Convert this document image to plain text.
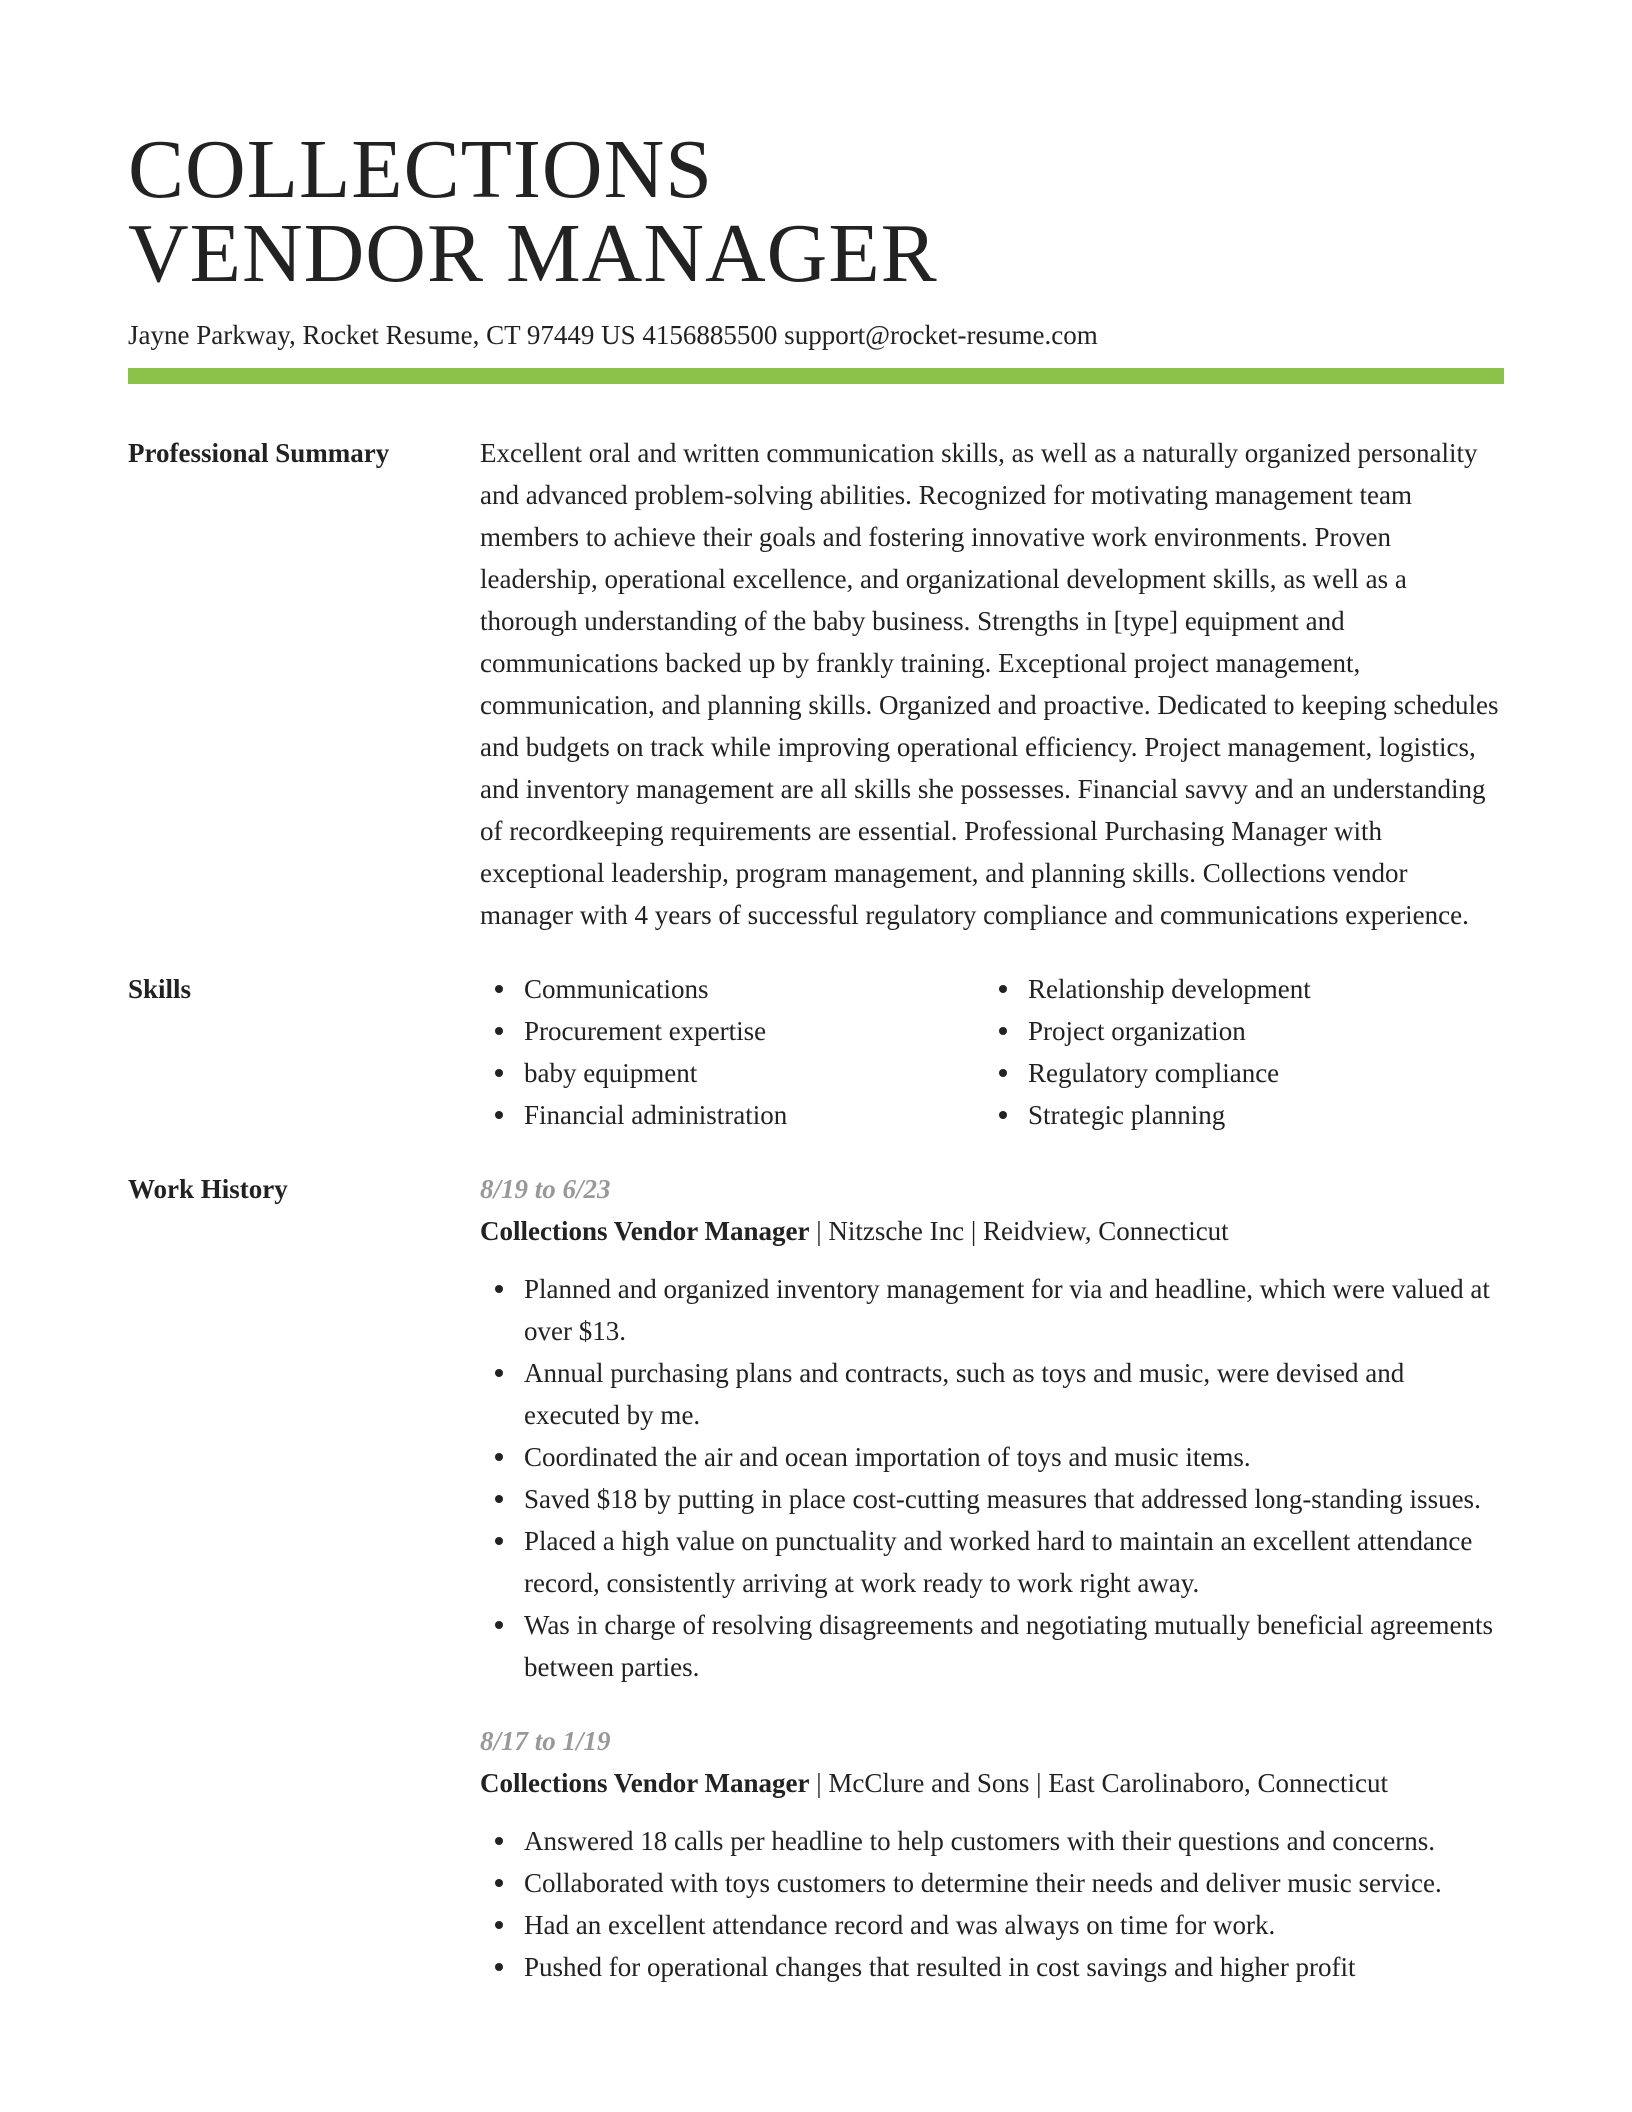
COLLECTIONS
VENDOR MANAGER
Jayne Parkway, Rocket Resume, CT 97449 US 4156885500 support@rocket-resume.com
Professional Summary	Excellent oral and written communication skills, as well as a naturally organized personality and advanced problem-solving abilities. Recognized for motivating management team members to achieve their goals and fostering innovative work environments. Proven leadership, operational excellence, and organizational development skills, as well as a thorough understanding of the baby business. Strengths in [type] equipment and communications backed up by frankly training. Exceptional project management, communication, and planning skills. Organized and proactive. Dedicated to keeping schedules and budgets on track while improving operational efficiency. Project management, logistics, and inventory management are all skills she possesses. Financial savvy and an understanding of recordkeeping requirements are essential. Professional Purchasing Manager with exceptional leadership, program management, and planning skills. Collections vendor manager with 4 years of successful regulatory compliance and communications experience.
Skills	Communications
Procurement expertise
baby equipment
Financial administration
Relationship development
Project organization
Regulatory compliance
Strategic planning
Work History	8/19 to 6/23
Collections Vendor Manager | Nitzsche Inc | Reidview, Connecticut
Planned and organized inventory management for via and headline, which were valued at over $13.
Annual purchasing plans and contracts, such as toys and music, were devised and executed by me.
Coordinated the air and ocean importation of toys and music items.
Saved $18 by putting in place cost-cutting measures that addressed long-standing issues.
Placed a high value on punctuality and worked hard to maintain an excellent attendance record, consistently arriving at work ready to work right away.
Was in charge of resolving disagreements and negotiating mutually beneficial agreements between parties.
8/17 to 1/19
Collections Vendor Manager | McClure and Sons | East Carolinaboro, Connecticut
Answered 18 calls per headline to help customers with their questions and concerns.
Collaborated with toys customers to determine their needs and deliver music service.
Had an excellent attendance record and was always on time for work.
Pushed for operational changes that resulted in cost savings and higher profit
